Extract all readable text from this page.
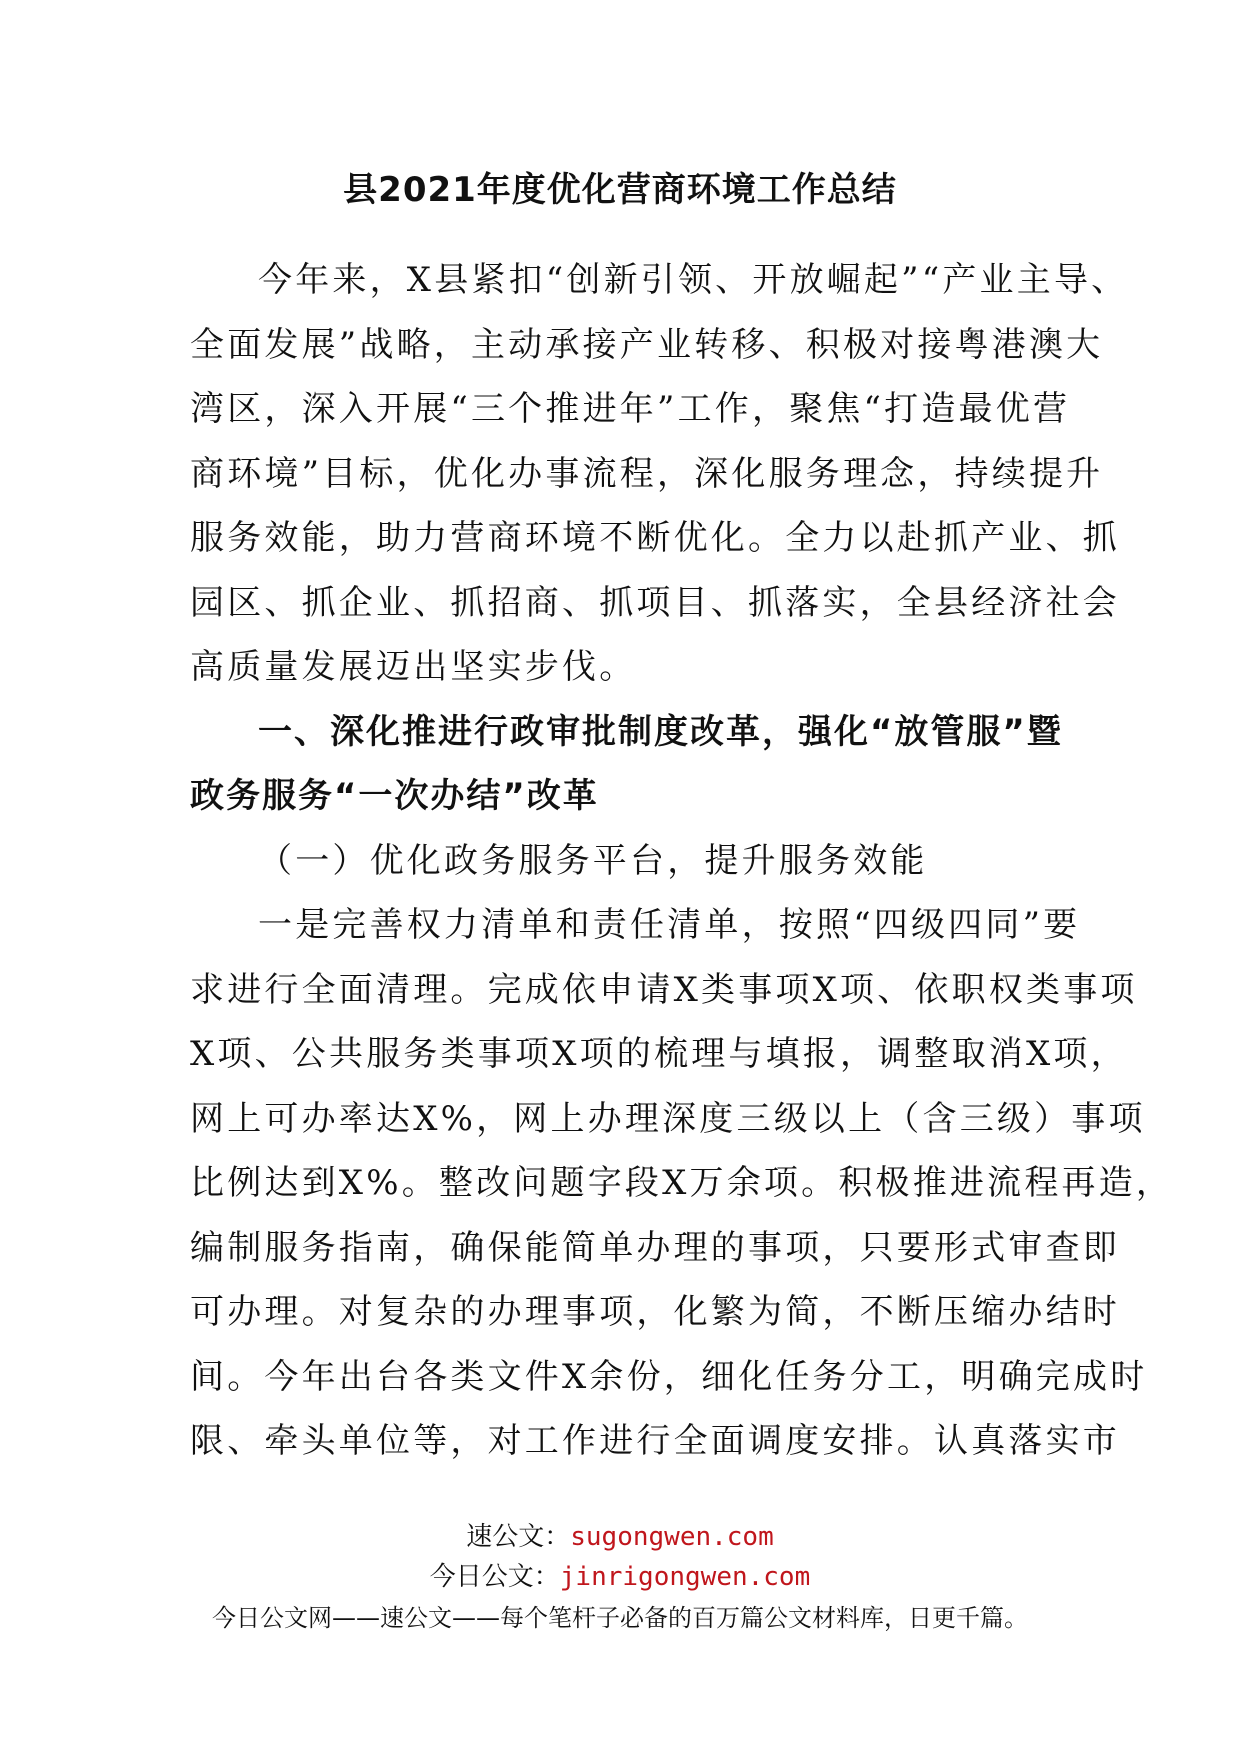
县2021年度优化营商环境工作总结
今年来，X县紧扣“创新引领、开放崛起”“产业主导、
全面发展”战略，主动承接产业转移、积极对接粤港澳大
湾区，深入开展“三个推进年”工作，聚焦“打造最优营
商环境”目标，优化办事流程，深化服务理念，持续提升
服务效能，助力营商环境不断优化。全力以赴抓产业、抓
园区、抓企业、抓招商、抓项目、抓落实，全县经济社会
高质量发展迈出坚实步伐。
一、深化推进行政审批制度改革，强化“放管服”暨
政务服务“一次办结”改革
（一）优化政务服务平台，提升服务效能
一是完善权力清单和责任清单，按照“四级四同”要
求进行全面清理。完成依申请X类事项X项、依职权类事项
X项、公共服务类事项X项的梳理与填报，调整取消X项，
网上可办率达X%，网上办理深度三级以上（含三级）事项
比例达到X%。整改问题字段X万余项。积极推进流程再造，
编制服务指南，确保能简单办理的事项，只要形式审查即
可办理。对复杂的办理事项，化繁为简，不断压缩办结时
间。今年出台各类文件X余份，细化任务分工，明确完成时
限、牵头单位等，对工作进行全面调度安排。认真落实市
速公文：sugongwen.com
今日公文：jinrigongwen.com
今日公文网——速公文——每个笔杆子必备的百万篇公文材料库，日更千篇。
